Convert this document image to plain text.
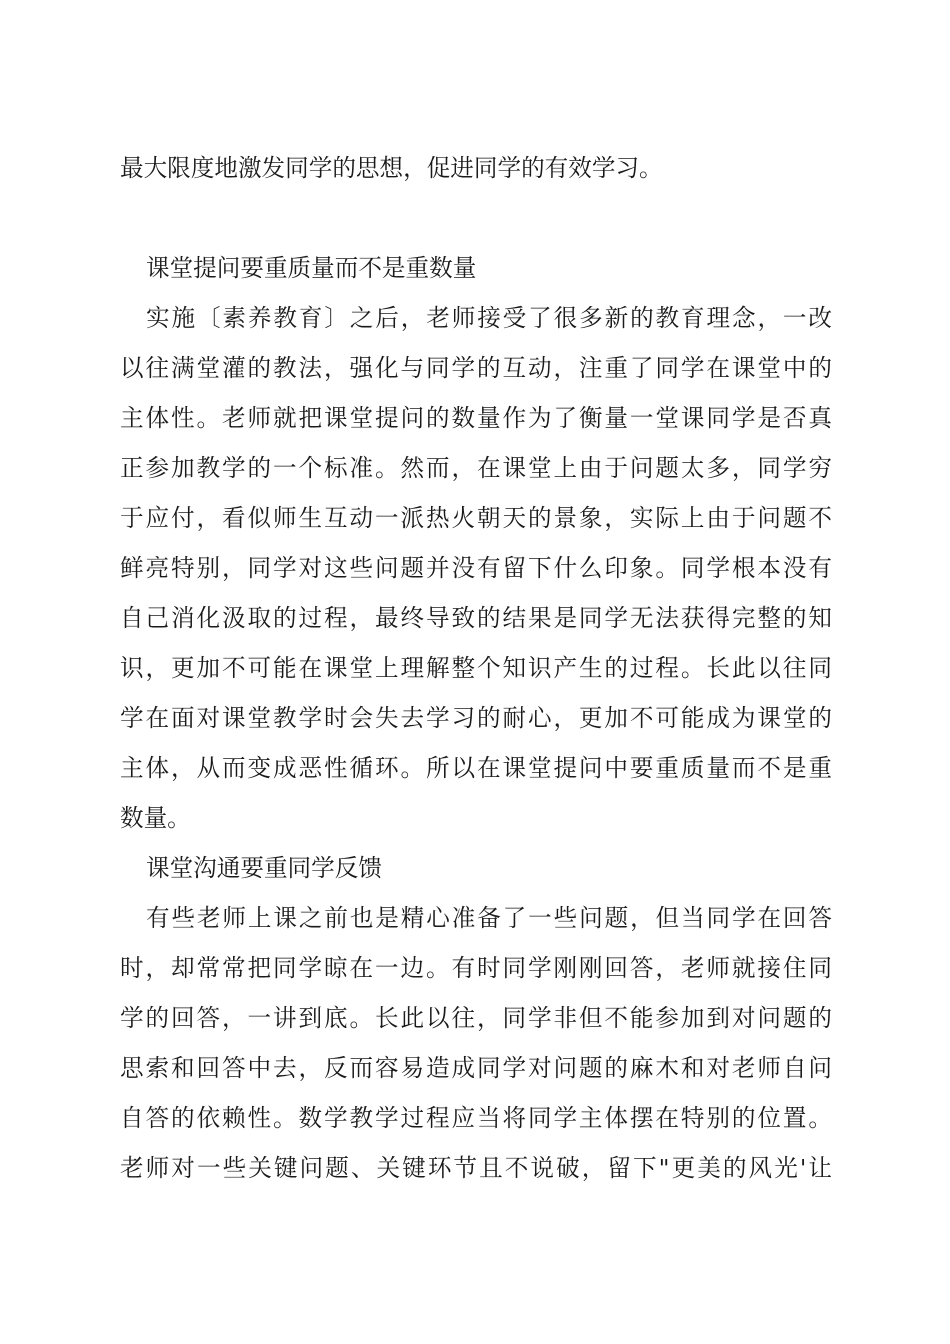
最大限度地激发同学的思想，促进同学的有效学习。
课堂提问要重质量而不是重数量
实施〔素养教育〕之后，老师接受了很多新的教育理念，一改
以往满堂灌的教法，强化与同学的互动，注重了同学在课堂中的
主体性。老师就把课堂提问的数量作为了衡量一堂课同学是否真
正参加教学的一个标准。然而，在课堂上由于问题太多，同学穷
于应付，看似师生互动一派热火朝天的景象，实际上由于问题不
鲜亮特别，同学对这些问题并没有留下什么印象。同学根本没有
自己消化汲取的过程，最终导致的结果是同学无法获得完整的知
识，更加不可能在课堂上理解整个知识产生的过程。长此以往同
学在面对课堂教学时会失去学习的耐心，更加不可能成为课堂的
主体，从而变成恶性循环。所以在课堂提问中要重质量而不是重
数量。
课堂沟通要重同学反馈
有些老师上课之前也是精心准备了一些问题，但当同学在回答
时，却常常把同学晾在一边。有时同学刚刚回答，老师就接住同
学的回答，一讲到底。长此以往，同学非但不能参加到对问题的
思索和回答中去，反而容易造成同学对问题的麻木和对老师自问
自答的依赖性。数学教学过程应当将同学主体摆在特别的位置。
老师对一些关键问题、关键环节且不说破，留下"更美的风光'让
